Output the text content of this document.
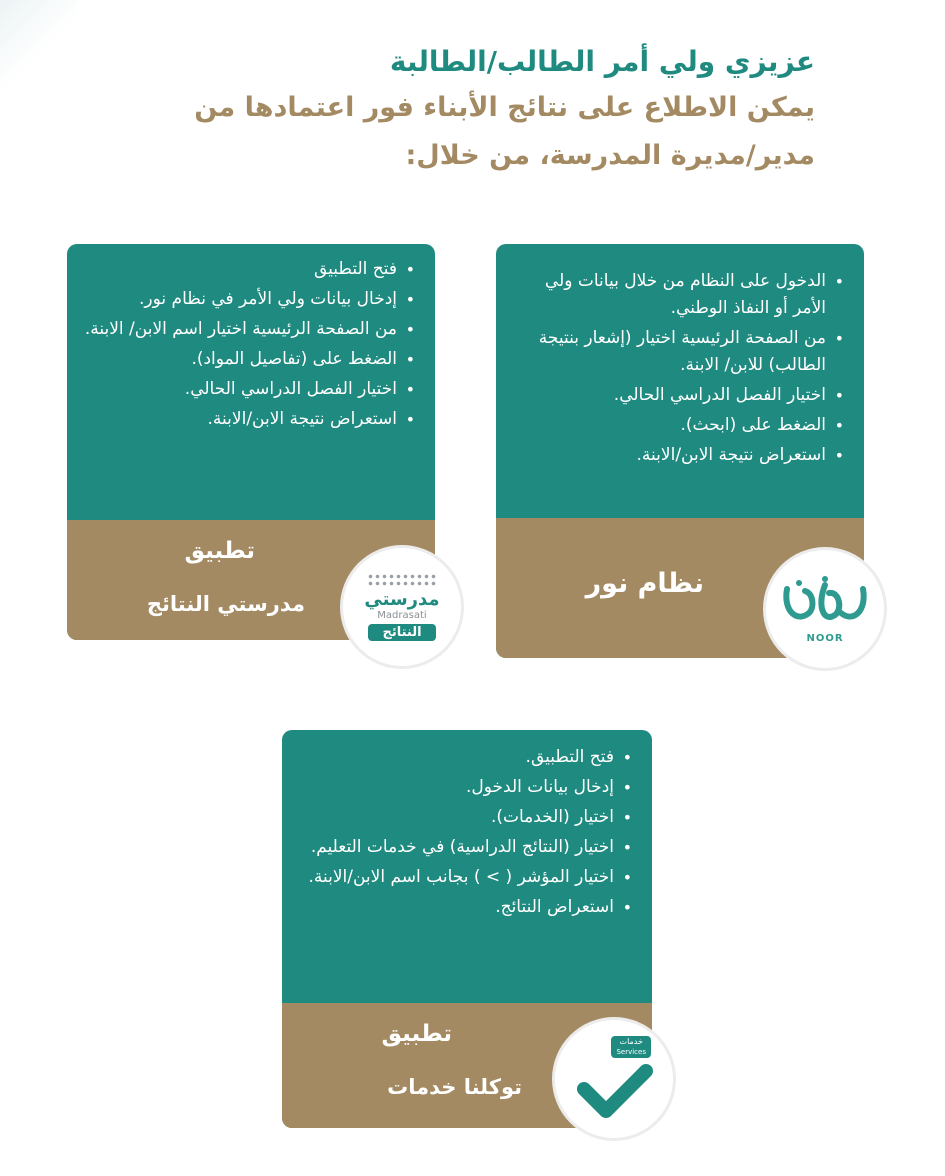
عزيزي ولي أمر الطالب/الطالبة

يمكن الاطلاع على نتائج الأبناء فور اعتمادها من

مدير/مديرة المدرسة، من خلال:

• الدخول على النظام من خلال بيانات ولي الأمر أو النفاذ الوطني.
• من الصفحة الرئيسية اختيار (إشعار بنتيجة الطالب) للابن/ الابنة.
• اختيار الفصل الدراسي الحالي.
• الضغط على (ابحث).
• استعراض نتيجة الابن/الابنة.
نظام نور
NOOR
• فتح التطبيق
• إدخال بيانات ولي الأمر في نظام نور.
• من الصفحة الرئيسية اختيار اسم الابن/ الابنة.
• الضغط على (تفاصيل المواد).
• اختيار الفصل الدراسي الحالي.
• استعراض نتيجة الابن/الابنة.
تطبيق
مدرستي النتائج	مدرستي
Madrasati
النتائج
• فتح التطبيق.
• إدخال بيانات الدخول.
• اختيار (الخدمات).
• اختيار (النتائج الدراسية) في خدمات التعليم.
• اختيار المؤشر ( > ) بجانب اسم الابن/الابنة.
• استعراض النتائج.
تطبيق
توكلنا خدمات
خدمات
Services
